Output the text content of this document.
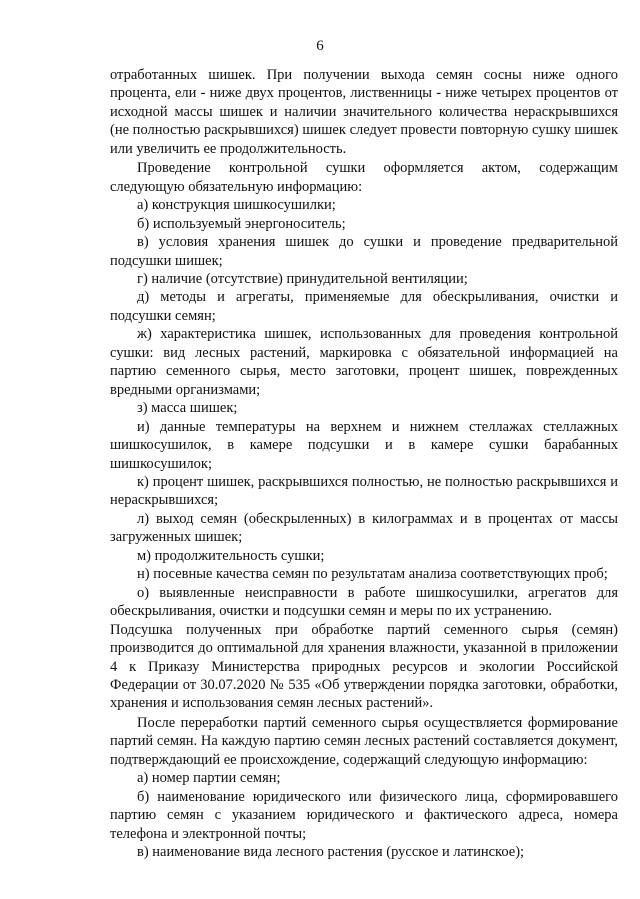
6

отработанных шишек. При получении выхода семян сосны ниже одного процента, ели - ниже двух процентов, лиственницы - ниже четырех процентов от исходной массы шишек и наличии значительного количества нераскрывшихся (не полностью раскрывшихся) шишек следует провести повторную сушку шишек или увеличить ее продолжительность.

Проведение контрольной сушки оформляется актом, содержащим следующую обязательную информацию:

а) конструкция шишкосушилки;

б) используемый энергоноситель;

в) условия хранения шишек до сушки и проведение предварительной подсушки шишек;

г) наличие (отсутствие) принудительной вентиляции;

д) методы и агрегаты, применяемые для обескрыливания, очистки и подсушки семян;

ж) характеристика шишек, использованных для проведения контрольной сушки: вид лесных растений, маркировка с обязательной информацией на партию семенного сырья, место заготовки, процент шишек, поврежденных вредными организмами;

з) масса шишек;

и) данные температуры на верхнем и нижнем стеллажах стеллажных шишкосушилок, в камере подсушки и в камере сушки барабанных шишкосушилок;

к) процент шишек, раскрывшихся полностью, не полностью раскрывшихся и нераскрывшихся;

л) выход семян (обескрыленных) в килограммах и в процентах от массы загруженных шишек;

м) продолжительность сушки;

н) посевные качества семян по результатам анализа соответствующих проб;

о) выявленные неисправности в работе шишкосушилки, агрегатов для обескрыливания, очистки и подсушки семян и меры по их устранению.

Подсушка полученных при обработке партий семенного сырья (семян) производится до оптимальной для хранения влажности, указанной в приложении 4 к Приказу Министерства природных ресурсов и экологии Российской Федерации от 30.07.2020 № 535 «Об утверждении порядка заготовки, обработки, хранения и использования семян лесных растений».

После переработки партий семенного сырья осуществляется формирование партий семян. На каждую партию семян лесных растений составляется документ, подтверждающий ее происхождение, содержащий следующую информацию:

а) номер партии семян;

б) наименование юридического или физического лица, сформировавшего партию семян с указанием юридического и фактического адреса, номера телефона и электронной почты;

в) наименование вида лесного растения (русское и латинское);
